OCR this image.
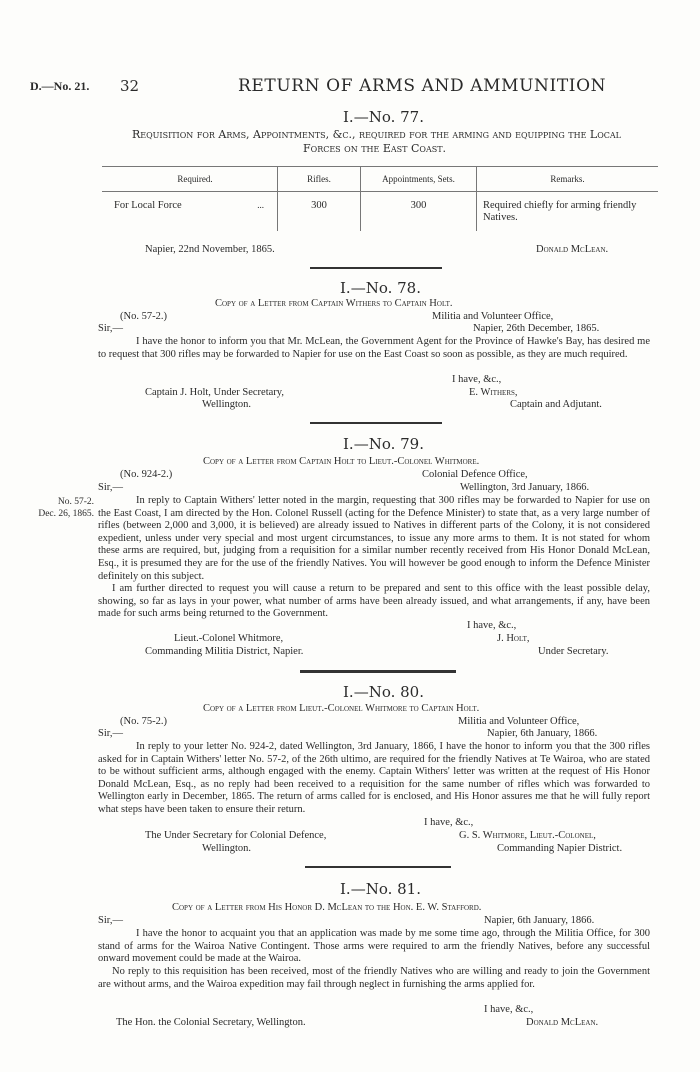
D.—No. 21. 32	RETURN OF ARMS AND AMMUNITION
I.—No. 77.
Requisition for Arms, Appointments, &c., required for the arming and equipping the Local
Forces on the East Coast.
Required.	Rifles.	Appointments, Sets.	Remarks.
For Local Force ...	300	300	Required chiefly for arming friendly Natives.
Napier, 22nd November, 1865.	Donald McLean.
I.—No. 78.
Copy of a Letter from Captain Withers to Captain Holt.
(No. 57-2.)	Militia and Volunteer Office,
Sir,—	Napier, 26th December, 1865.
I have the honor to inform you that Mr. McLean, the Government Agent for the Province of Hawke's Bay, has desired me to request that 300 rifles may be forwarded to Napier for use on the East Coast so soon as possible, as they are much required.
I have, &c.,
Captain J. Holt, Under Secretary,	E. Withers,
Wellington.	Captain and Adjutant.
I.—No. 79.
Copy of a Letter from Captain Holt to Lieut.-Colonel Whitmore.
(No. 924-2.)	Colonial Defence Office,
Sir,—	Wellington, 3rd January, 1866.
No. 57-2.
Dec. 26, 1865.
In reply to Captain Withers' letter noted in the margin, requesting that 300 rifles may be forwarded to Napier for use on the East Coast, I am directed by the Hon. Colonel Russell (acting for the Defence Minister) to state that, as a very large number of rifles (between 2,000 and 3,000, it is believed) are already issued to Natives in different parts of the Colony, it is not considered expedient, unless under very special and most urgent circumstances, to issue any more arms to them. It is not stated for whom these arms are required, but, judging from a requisition for a similar number recently received from His Honor Donald McLean, Esq., it is presumed they are for the use of the friendly Natives. You will however be good enough to inform the Defence Minister definitely on this subject.
I am further directed to request you will cause a return to be prepared and sent to this office with the least possible delay, showing, so far as lays in your power, what number of arms have been already issued, and what arrangements, if any, have been made for such arms being returned to the Government.
I have, &c.,
Lieut.-Colonel Whitmore,	J. Holt,
Commanding Militia District, Napier.	Under Secretary.
I.—No. 80.
Copy of a Letter from Lieut.-Colonel Whitmore to Captain Holt.
(No. 75-2.)	Militia and Volunteer Office,
Sir,—	Napier, 6th January, 1866.
In reply to your letter No. 924-2, dated Wellington, 3rd January, 1866, I have the honor to inform you that the 300 rifles asked for in Captain Withers' letter No. 57-2, of the 26th ultimo, are required for the friendly Natives at Te Wairoa, who are stated to be without sufficient arms, although engaged with the enemy. Captain Withers' letter was written at the request of His Honor Donald McLean, Esq., as no reply had been received to a requisition for the same number of rifles which was forwarded to Wellington early in December, 1865. The return of arms called for is enclosed, and His Honor assures me that he will fully report what steps have been taken to ensure their return.
I have, &c.,
The Under Secretary for Colonial Defence,	G. S. Whitmore, Lieut.-Colonel,
Wellington.	Commanding Napier District.
I.—No. 81.
Copy of a Letter from His Honor D. McLean to the Hon. E. W. Stafford.
Sir,—	Napier, 6th January, 1866.
I have the honor to acquaint you that an application was made by me some time ago, through the Militia Office, for 300 stand of arms for the Wairoa Native Contingent. Those arms were required to arm the friendly Natives, before any successful onward movement could be made at the Wairoa.
No reply to this requisition has been received, most of the friendly Natives who are willing and ready to join the Government are without arms, and the Wairoa expedition may fail through neglect in furnishing the arms applied for.
I have, &c.,
The Hon. the Colonial Secretary, Wellington.	Donald McLean.
